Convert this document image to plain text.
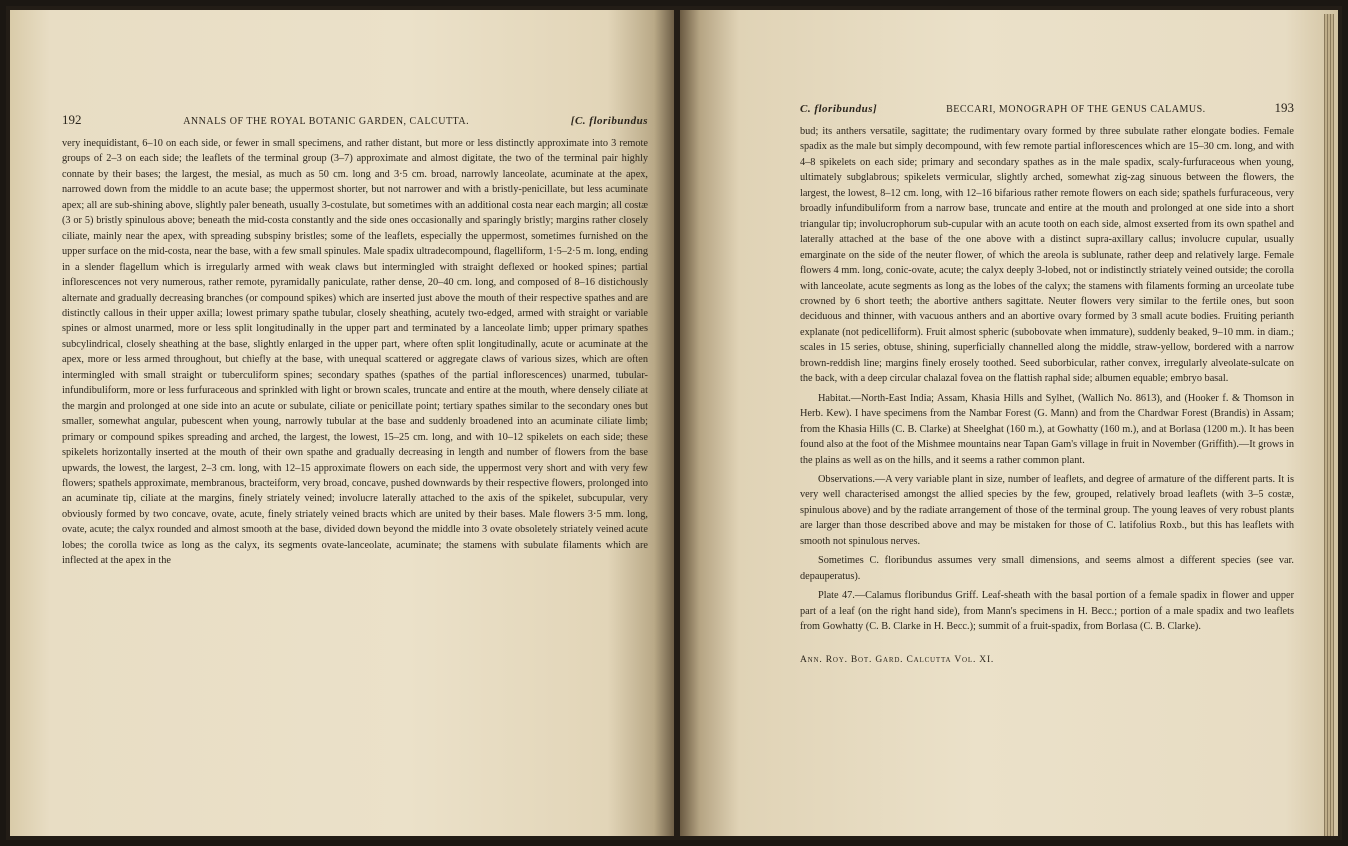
192	ANNALS OF THE ROYAL BOTANIC GARDEN, CALCUTTA.	[C. floribundus

very inequidistant, 6–10 on each side, or fewer in small specimens, and rather distant, but more or less distinctly approximate into 3 remote groups of 2–3 on each side; the leaflets of the terminal group (3–7) approximate and almost digitate, the two of the terminal pair highly connate by their bases; the largest, the mesial, as much as 50 cm. long and 3·5 cm. broad, narrowly lanceolate, acuminate at the apex, narrowed down from the middle to an acute base; the uppermost shorter, but not narrower and with a bristly-penicillate, but less acuminate apex; all are sub-shining above, slightly paler beneath, usually 3-costulate, but sometimes with an additional costa near each margin; all costæ (3 or 5) bristly spinulous above; beneath the mid-costa constantly and the side ones occasionally and sparingly bristly; margins rather closely ciliate, mainly near the apex, with spreading subspiny bristles; some of the leaflets, especially the uppermost, sometimes furnished on the upper surface on the mid-costa, near the base, with a few small spinules. Male spadix ultradecompound, flagelliform, 1·5–2·5 m. long, ending in a slender flagellum which is irregularly armed with weak claws but intermingled with straight deflexed or hooked spines; partial inflorescences not very numerous, rather remote, pyramidally paniculate, rather dense, 20–40 cm. long, and composed of 8–16 distichously alternate and gradually decreasing branches (or compound spikes) which are inserted just above the mouth of their respective spathes and are distinctly callous in their upper axilla; lowest primary spathe tubular, closely sheathing, acutely two-edged, armed with straight or variable spines or almost unarmed, more or less split longitudinally in the upper part and terminated by a lanceolate limb; upper primary spathes subcylindrical, closely sheathing at the base, slightly enlarged in the upper part, where often split longitudinally, acute or acuminate at the apex, more or less armed throughout, but chiefly at the base, with unequal scattered or aggregate claws of various sizes, which are often intermingled with small straight or tuberculiform spines; secondary spathes (spathes of the partial inflorescences) unarmed, tubular-infundibuliform, more or less furfuraceous and sprinkled with light or brown scales, truncate and entire at the mouth, where densely ciliate at the margin and prolonged at one side into an acute or subulate, ciliate or penicillate point; tertiary spathes similar to the secondary ones but smaller, somewhat angular, pubescent when young, narrowly tubular at the base and suddenly broadened into an acuminate ciliate limb; primary or compound spikes spreading and arched, the largest, the lowest, 15–25 cm. long, and with 10–12 spikelets on each side; these spikelets horizontally inserted at the mouth of their own spathe and gradually decreasing in length and number of flowers from the base upwards, the lowest, the largest, 2–3 cm. long, with 12–15 approximate flowers on each side, the uppermost very short and with very few flowers; spathels approximate, membranous, bracteiform, very broad, concave, pushed downwards by their respective flowers, prolonged into an acuminate tip, ciliate at the margins, finely striately veined; involucre laterally attached to the axis of the spikelet, subcupular, very obviously formed by two concave, ovate, acute, finely striately veined bracts which are united by their bases. Male flowers 3·5 mm. long, ovate, acute; the calyx rounded and almost smooth at the base, divided down beyond the middle into 3 ovate obsoletely striately veined acute lobes; the corolla twice as long as the calyx, its segments ovate-lanceolate, acuminate; the stamens with subulate filaments which are inflected at the apex in the

C. floribundus]	BECCARI, MONOGRAPH OF THE GENUS CALAMUS.	193

bud; its anthers versatile, sagittate; the rudimentary ovary formed by three subulate rather elongate bodies. Female spadix as the male but simply decompound, with few remote partial inflorescences which are 15–30 cm. long, and with 4–8 spikelets on each side; primary and secondary spathes as in the male spadix, scaly-furfuraceous when young, ultimately subglabrous; spikelets vermicular, slightly arched, somewhat zig-zag sinuous between the flowers, the largest, the lowest, 8–12 cm. long, with 12–16 bifarious rather remote flowers on each side; spathels furfuraceous, very broadly infundibuliform from a narrow base, truncate and entire at the mouth and prolonged at one side into a short triangular tip; involucrophorum sub-cupular with an acute tooth on each side, almost exserted from its own spathel and laterally attached at the base of the one above with a distinct supra-axillary callus; involucre cupular, usually emarginate on the side of the neuter flower, of which the areola is sublunate, rather deep and relatively large. Female flowers 4 mm. long, conic-ovate, acute; the calyx deeply 3-lobed, not or indistinctly striately veined outside; the corolla with lanceolate, acute segments as long as the lobes of the calyx; the stamens with filaments forming an urceolate tube crowned by 6 short teeth; the abortive anthers sagittate. Neuter flowers very similar to the fertile ones, but soon deciduous and thinner, with vacuous anthers and an abortive ovary formed by 3 small acute bodies. Fruiting perianth explanate (not pedicelliform). Fruit almost spheric (subobovate when immature), suddenly beaked, 9–10 mm. in diam.; scales in 15 series, obtuse, shining, superficially channelled along the middle, straw-yellow, bordered with a narrow brown-reddish line; margins finely erosely toothed. Seed suborbicular, rather convex, irregularly alveolate-sulcate on the back, with a deep circular chalazal fovea on the flattish raphal side; albumen equable; embryo basal.

Habitat.—North-East India; Assam, Khasia Hills and Sylhet, (Wallich No. 8613), and (Hooker f. & Thomson in Herb. Kew). I have specimens from the Nambar Forest (G. Mann) and from the Chardwar Forest (Brandis) in Assam; from the Khasia Hills (C. B. Clarke) at Sheelghat (160 m.), at Gowhatty (160 m.), and at Borlasa (1200 m.). It has been found also at the foot of the Mishmee mountains near Tapan Gam's village in fruit in November (Griffith).—It grows in the plains as well as on the hills, and it seems a rather common plant.

Observations.—A very variable plant in size, number of leaflets, and degree of armature of the different parts. It is very well characterised amongst the allied species by the few, grouped, relatively broad leaflets (with 3–5 costæ, spinulous above) and by the radiate arrangement of those of the terminal group. The young leaves of very robust plants are larger than those described above and may be mistaken for those of C. latifolius Roxb., but this has leaflets with smooth not spinulous nerves.

Sometimes C. floribundus assumes very small dimensions, and seems almost a different species (see var. depauperatus).

Plate 47.—Calamus floribundus Griff. Leaf-sheath with the basal portion of a female spadix in flower and upper part of a leaf (on the right hand side), from Mann's specimens in H. Becc.; portion of a male spadix and two leaflets from Gowhatty (C. B. Clarke in H. Becc.); summit of a fruit-spadix, from Borlasa (C. B. Clarke).

Ann. Roy. Bot. Gard. Calcutta Vol. XI.
